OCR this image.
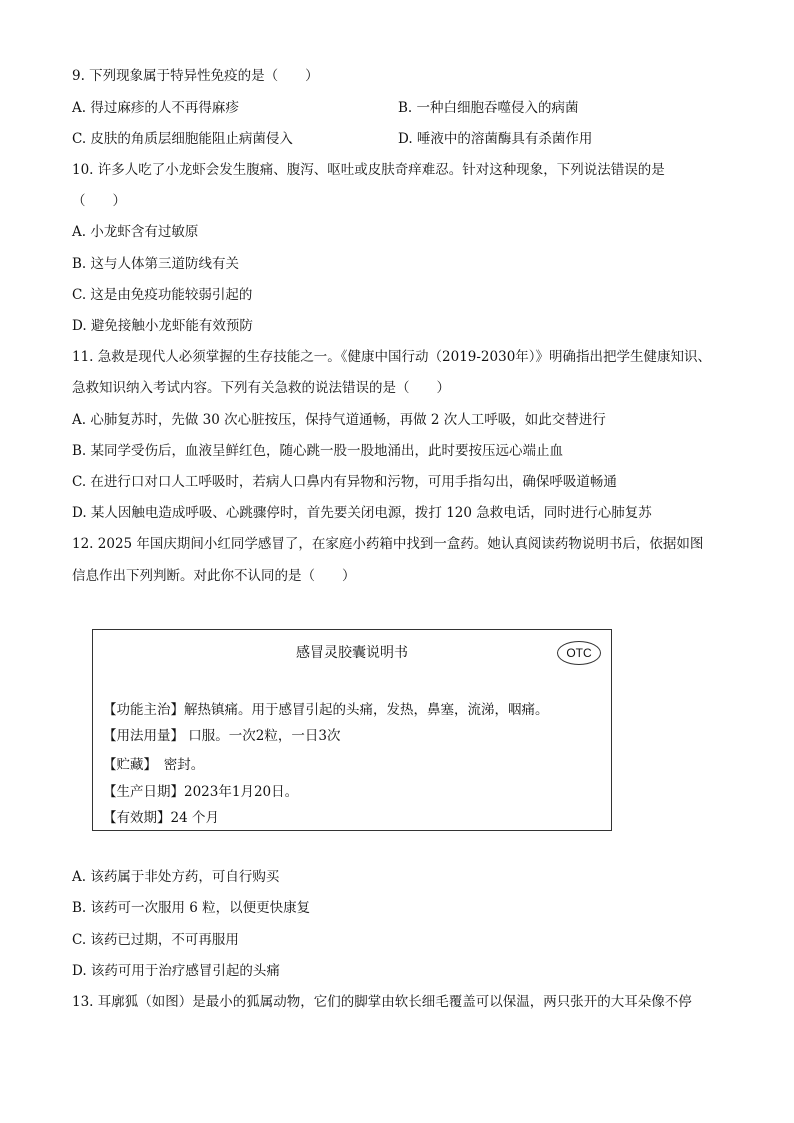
9. 下列现象属于特异性免疫的是（　　）
A. 得过麻疹的人不再得麻疹	B. 一种白细胞吞噬侵入的病菌
C. 皮肤的角质层细胞能阻止病菌侵入	D. 唾液中的溶菌酶具有杀菌作用
10. 许多人吃了小龙虾会发生腹痛、腹泻、呕吐或皮肤奇痒难忍。针对这种现象，下列说法错误的是
（　　）
A. 小龙虾含有过敏原
B. 这与人体第三道防线有关
C. 这是由免疫功能较弱引起的
D. 避免接触小龙虾能有效预防
11. 急救是现代人必须掌握的生存技能之一。《健康中国行动（2019-2030年）》明确指出把学生健康知识、
急救知识纳入考试内容。下列有关急救的说法错误的是（　　）
A. 心肺复苏时，先做 30 次心脏按压，保持气道通畅，再做 2 次人工呼吸，如此交替进行
B. 某同学受伤后，血液呈鲜红色，随心跳一股一股地涌出，此时要按压远心端止血
C. 在进行口对口人工呼吸时，若病人口鼻内有异物和污物，可用手指勾出，确保呼吸道畅通
D. 某人因触电造成呼吸、心跳骤停时，首先要关闭电源，拨打 120 急救电话，同时进行心肺复苏
12. 2025 年国庆期间小红同学感冒了，在家庭小药箱中找到一盒药。她认真阅读药物说明书后，依据如图
信息作出下列判断。对此你不认同的是（　　）
感冒灵胶囊说明书	OTC
【功能主治】解热镇痛。用于感冒引起的头痛，发热，鼻塞，流涕，咽痛。
【用法用量】 口服。一次2粒，一日3次
【贮藏】　密封。
【生产日期】2023年1月20日。
【有效期】24 个月
A. 该药属于非处方药，可自行购买
B. 该药可一次服用 6 粒，以便更快康复
C. 该药已过期，不可再服用
D. 该药可用于治疗感冒引起的头痛
13. 耳廓狐（如图）是最小的狐属动物，它们的脚掌由软长细毛覆盖可以保温，两只张开的大耳朵像不停
